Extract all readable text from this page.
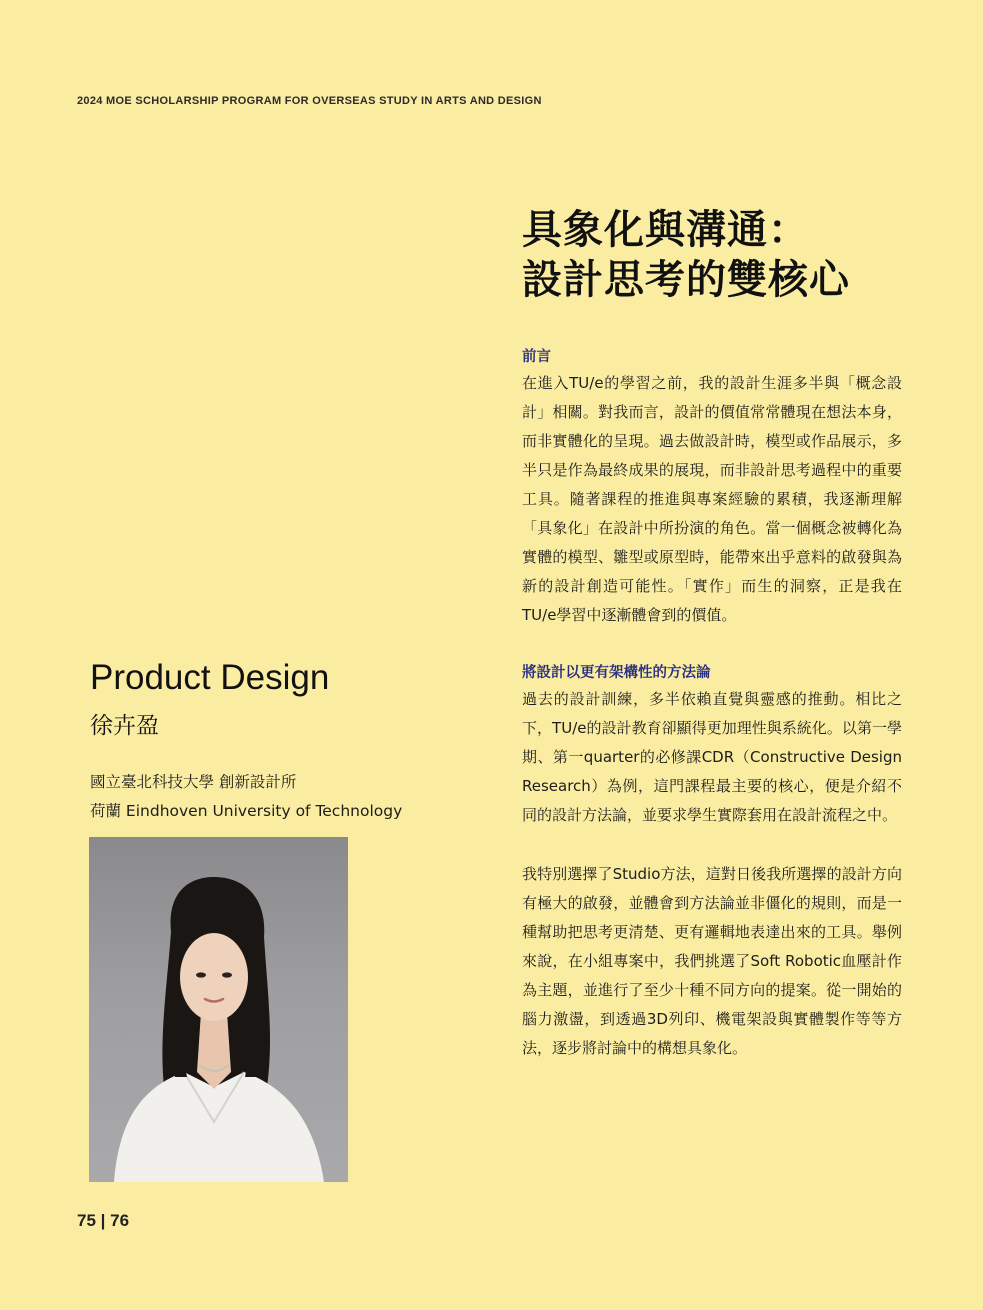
2024 MOE SCHOLARSHIP PROGRAM FOR OVERSEAS STUDY IN ARTS AND DESIGN
具象化與溝通：
設計思考的雙核心

前言

在進入TU/e的學習之前，我的設計生涯多半與「概念設計」相關。對我而言，設計的價值常常體現在想法本身，而非實體化的呈現。過去做設計時，模型或作品展示，多半只是作為最終成果的展現，而非設計思考過程中的重要工具。隨著課程的推進與專案經驗的累積，我逐漸理解「具象化」在設計中所扮演的角色。當一個概念被轉化為實體的模型、雛型或原型時，能帶來出乎意料的啟發與為新的設計創造可能性。「實作」而生的洞察，正是我在TU/e學習中逐漸體會到的價值。

將設計以更有架構性的方法論

過去的設計訓練，多半依賴直覺與靈感的推動。相比之下，TU/e的設計教育卻顯得更加理性與系統化。以第一學期、第一quarter的必修課CDR（Constructive Design Research）為例，這門課程最主要的核心，便是介紹不同的設計方法論，並要求學生實際套用在設計流程之中。

我特別選擇了Studio方法，這對日後我所選擇的設計方向有極大的啟發，並體會到方法論並非僵化的規則，而是一種幫助把思考更清楚、更有邏輯地表達出來的工具。舉例來說，在小組專案中，我們挑選了Soft Robotic血壓計作為主題，並進行了至少十種不同方向的提案。從一開始的腦力激盪，到透過3D列印、機電架設與實體製作等等方法，逐步將討論中的構想具象化。

Product Design
徐卉盈
國立臺北科技大學 創新設計所
荷蘭 Eindhoven University of Technology
75 | 76
